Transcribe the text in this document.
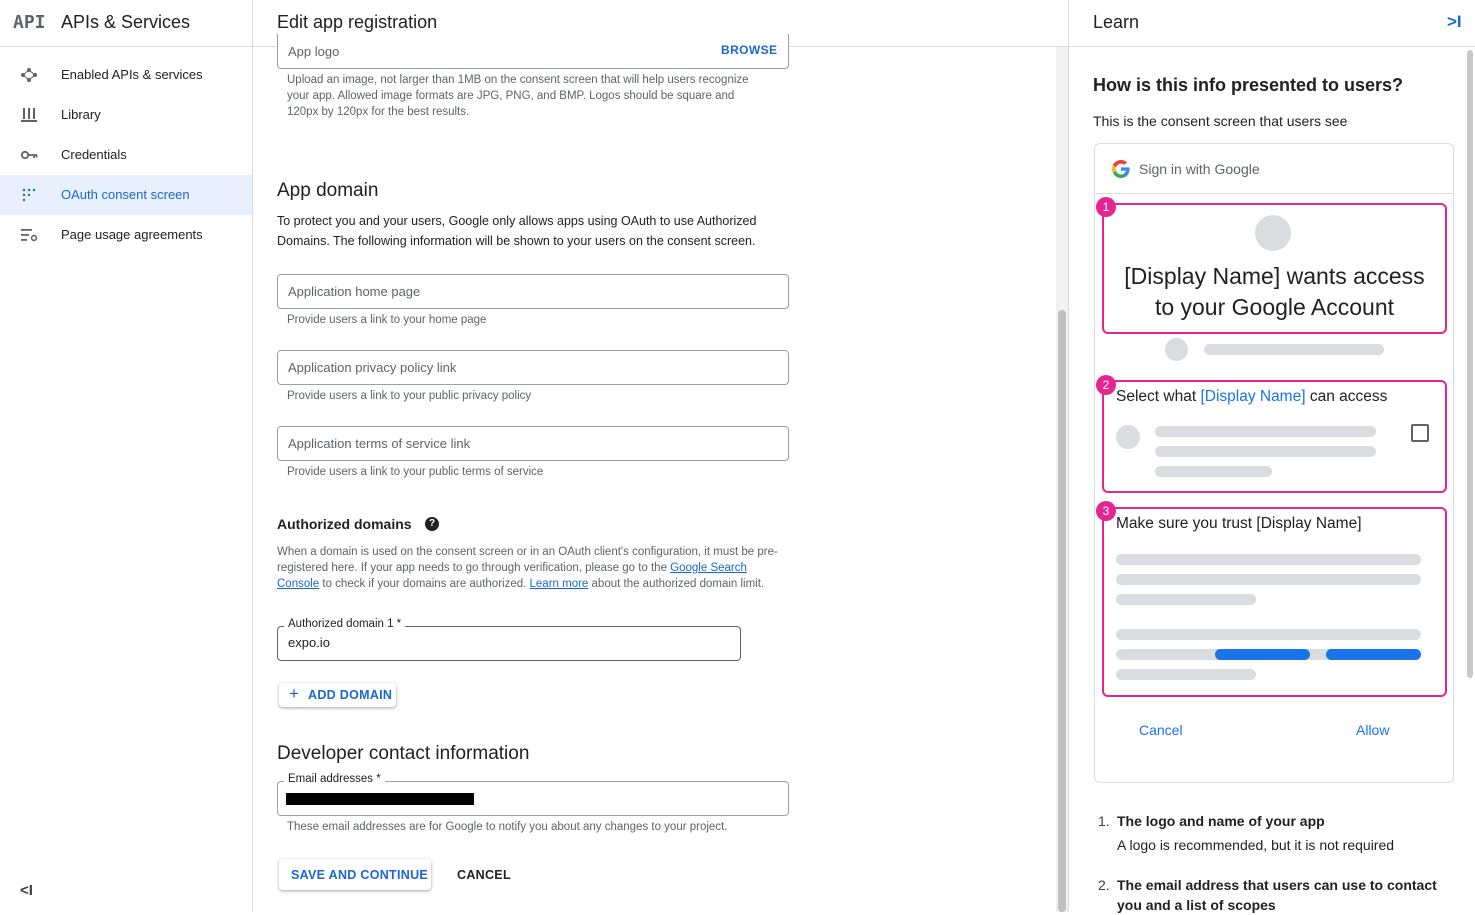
API APIs & Services
Enabled APIs & services
Library
Credentials
OAuth consent screen
Page usage agreements
<I
Edit app registration
App logo	BROWSE
Upload an image, not larger than 1MB on the consent screen that will help users recognize your app. Allowed image formats are JPG, PNG, and BMP. Logos should be square and 120px by 120px for the best results.
App domain
To protect you and your users, Google only allows apps using OAuth to use Authorized Domains. The following information will be shown to your users on the consent screen.
Application home page
Provide users a link to your home page
Application privacy policy link
Provide users a link to your public privacy policy
Application terms of service link
Provide users a link to your public terms of service
Authorized domains	?
When a domain is used on the consent screen or in an OAuth client's configuration, it must be pre-registered here. If your app needs to go through verification, please go to the Google Search Console to check if your domains are authorized. Learn more about the authorized domain limit.
Authorized domain 1 *
expo.io
+ ADD DOMAIN
Developer contact information
Email addresses *
These email addresses are for Google to notify you about any changes to your project.
SAVE AND CONTINUE CANCEL
Learn	>I
How is this info presented to users?
This is the consent screen that users see
Sign in with Google
[Display Name] wants access to your Google Account
1
Select what [Display Name] can access
2
Make sure you trust [Display Name]
3
Cancel	Allow
1. The logo and name of your app
A logo is recommended, but it is not required
2. The email address that users can use to contact you and a list of scopes
